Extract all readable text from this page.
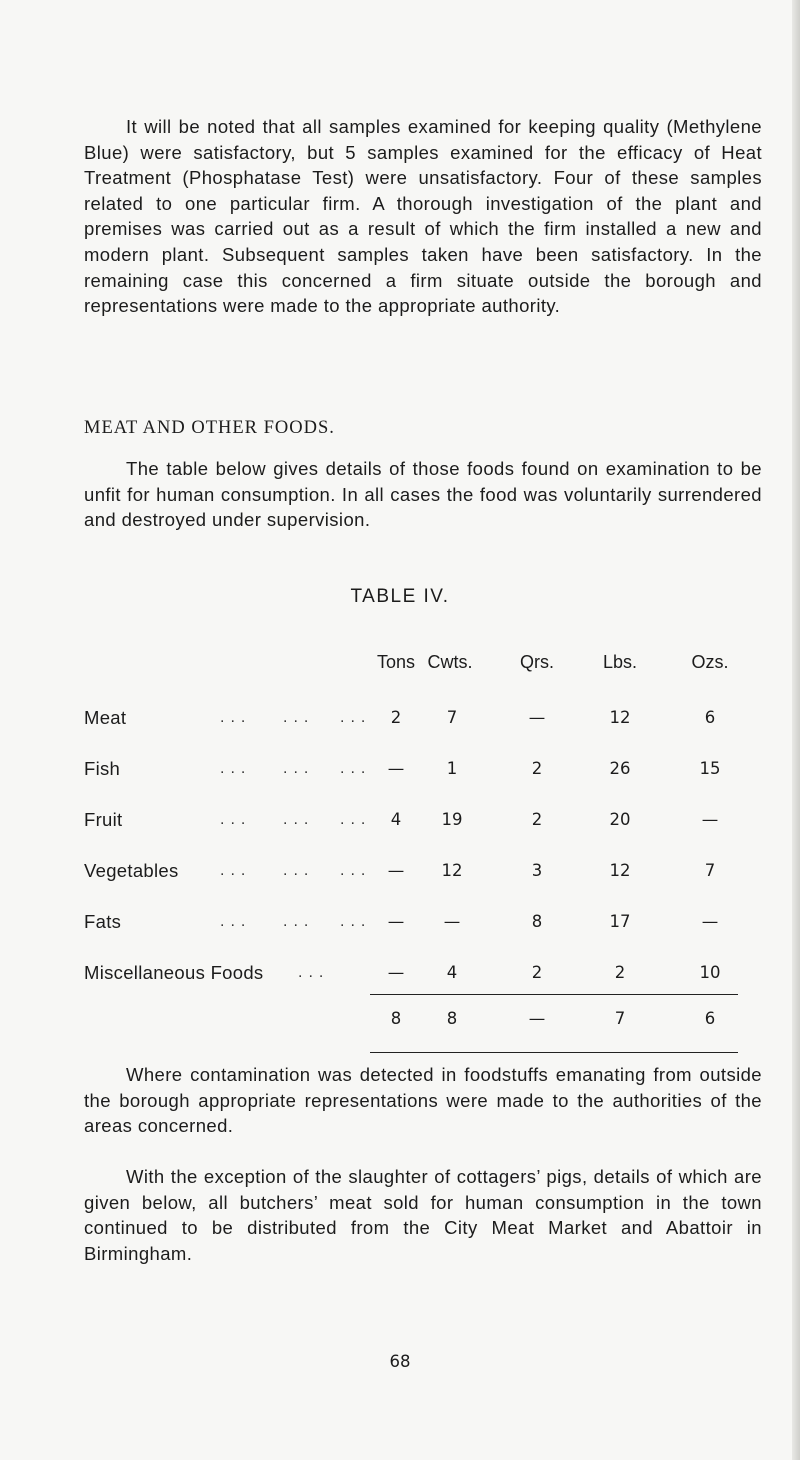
It will be noted that all samples examined for keeping quality (Methylene Blue) were satisfactory, but 5 samples examined for the efficacy of Heat Treatment (Phosphatase Test) were unsatisfactory. Four of these samples related to one particular firm. A thorough investigation of the plant and premises was carried out as a result of which the firm installed a new and modern plant. Subsequent samples taken have been satisfactory. In the remaining case this concerned a firm situate outside the borough and representations were made to the appropriate authority.

MEAT AND OTHER FOODS.

The table below gives details of those foods found on examination to be unfit for human consumption. In all cases the food was voluntarily surrendered and destroyed under supervision.

TABLE IV.
Tons Cwts.	Qrs.	Lbs.	Ozs.
Meat	... ... ...	2	7	—	12	6
Fish	... ... ... —	1	2	26	15
Fruit	... ... ...	4	19	2	20	—
Vegetables	... ... ... —	12	3	12	7
Fats	... ... ... —	—	8	17	—
Miscellaneous Foods ...	—	4	2	2	10
8	8	—	7	6

Where contamination was detected in foodstuffs emanating from outside the borough appropriate representations were made to the authorities of the areas concerned.

With the exception of the slaughter of cottagers’ pigs, details of which are given below, all butchers’ meat sold for human consumption in the town continued to be distributed from the City Meat Market and Abattoir in Birmingham.

68
